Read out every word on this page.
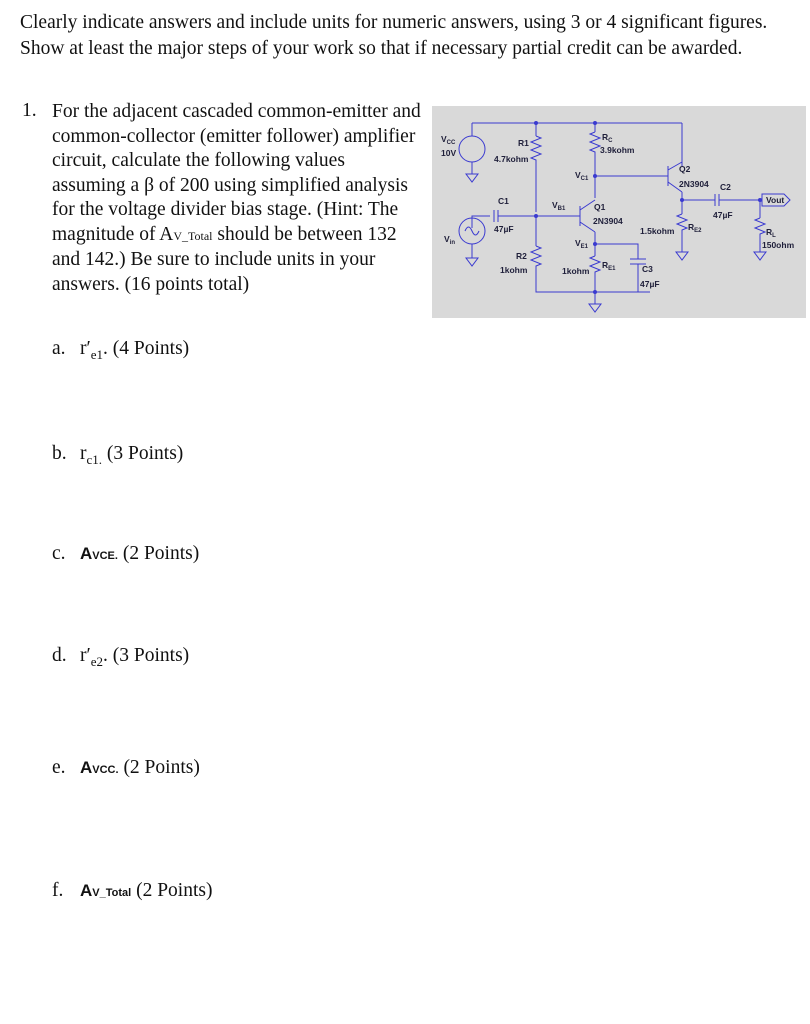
Clearly indicate answers and include units for numeric answers, using 3 or 4 significant figures. Show at least the major steps of your work so that if necessary partial credit can be awarded.
1. For the adjacent cascaded common-emitter and common-collector (emitter follower) amplifier circuit, calculate the following values assuming a β of 200 using simplified analysis for the voltage divider bias stage. (Hint: The magnitude of AV_Total should be between 132 and 142.) Be sure to include units in your answers. (16 points total)
a. $r'_{e1}$. (4 Points)
b. $r_{c1.}$ (3 Points)
c. AVCE. (2 Points)
d. $r'_{e2}$. (3 Points)
e. AVCC. (2 Points)
f. AV_Total (2 Points)
$V_{CC}$
10V
R1
4.7kohm
$R_C$
3.9kohm
$V_{C1}$
Q2
2N3904 C2
47µF
Vout
C1
47µF
$V_{B1}$	Q1
2N3904
$V_{in}$
R2
1kohm
$V_{E1}$
$R_{E1}$
1kohm	C3
47µF
$R_{E2}$
1.5kohm	$R_L$
150ohm
